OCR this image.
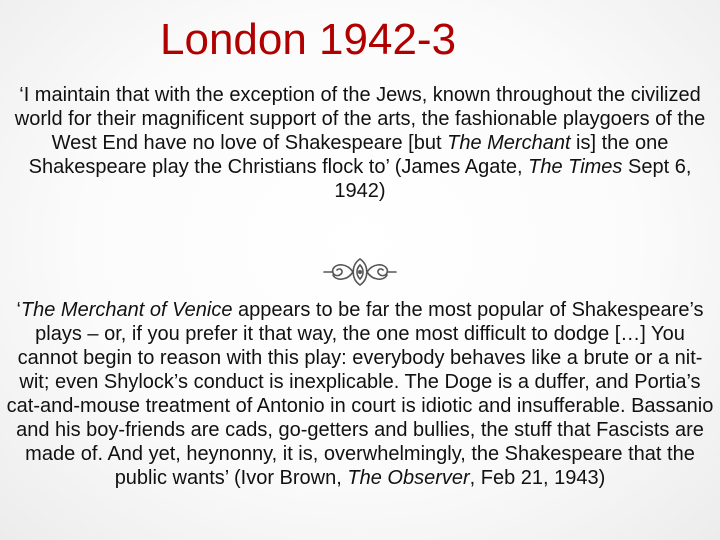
London 1942-3

‘I maintain that with the exception of the Jews, known throughout the civilized world for their magnificent support of the arts, the fashionable playgoers of the West End have no love of Shakespeare [but The Merchant is] the one Shakespeare play the Christians flock to’ (James Agate, The Times Sept 6, 1942)

‘The Merchant of Venice appears to be far the most popular of Shakespeare’s plays – or, if you prefer it that way, the one most difficult to dodge […] You cannot begin to reason with this play: everybody behaves like a brute or a nit-wit; even Shylock’s conduct is inexplicable. The Doge is a duffer, and Portia’s cat-and-mouse treatment of Antonio in court is idiotic and insufferable. Bassanio and his boy-friends are cads, go-getters and bullies, the stuff that Fascists are made of. And yet, heynonny, it is, overwhelmingly, the Shakespeare that the public wants’ (Ivor Brown, The Observer, Feb 21, 1943)
